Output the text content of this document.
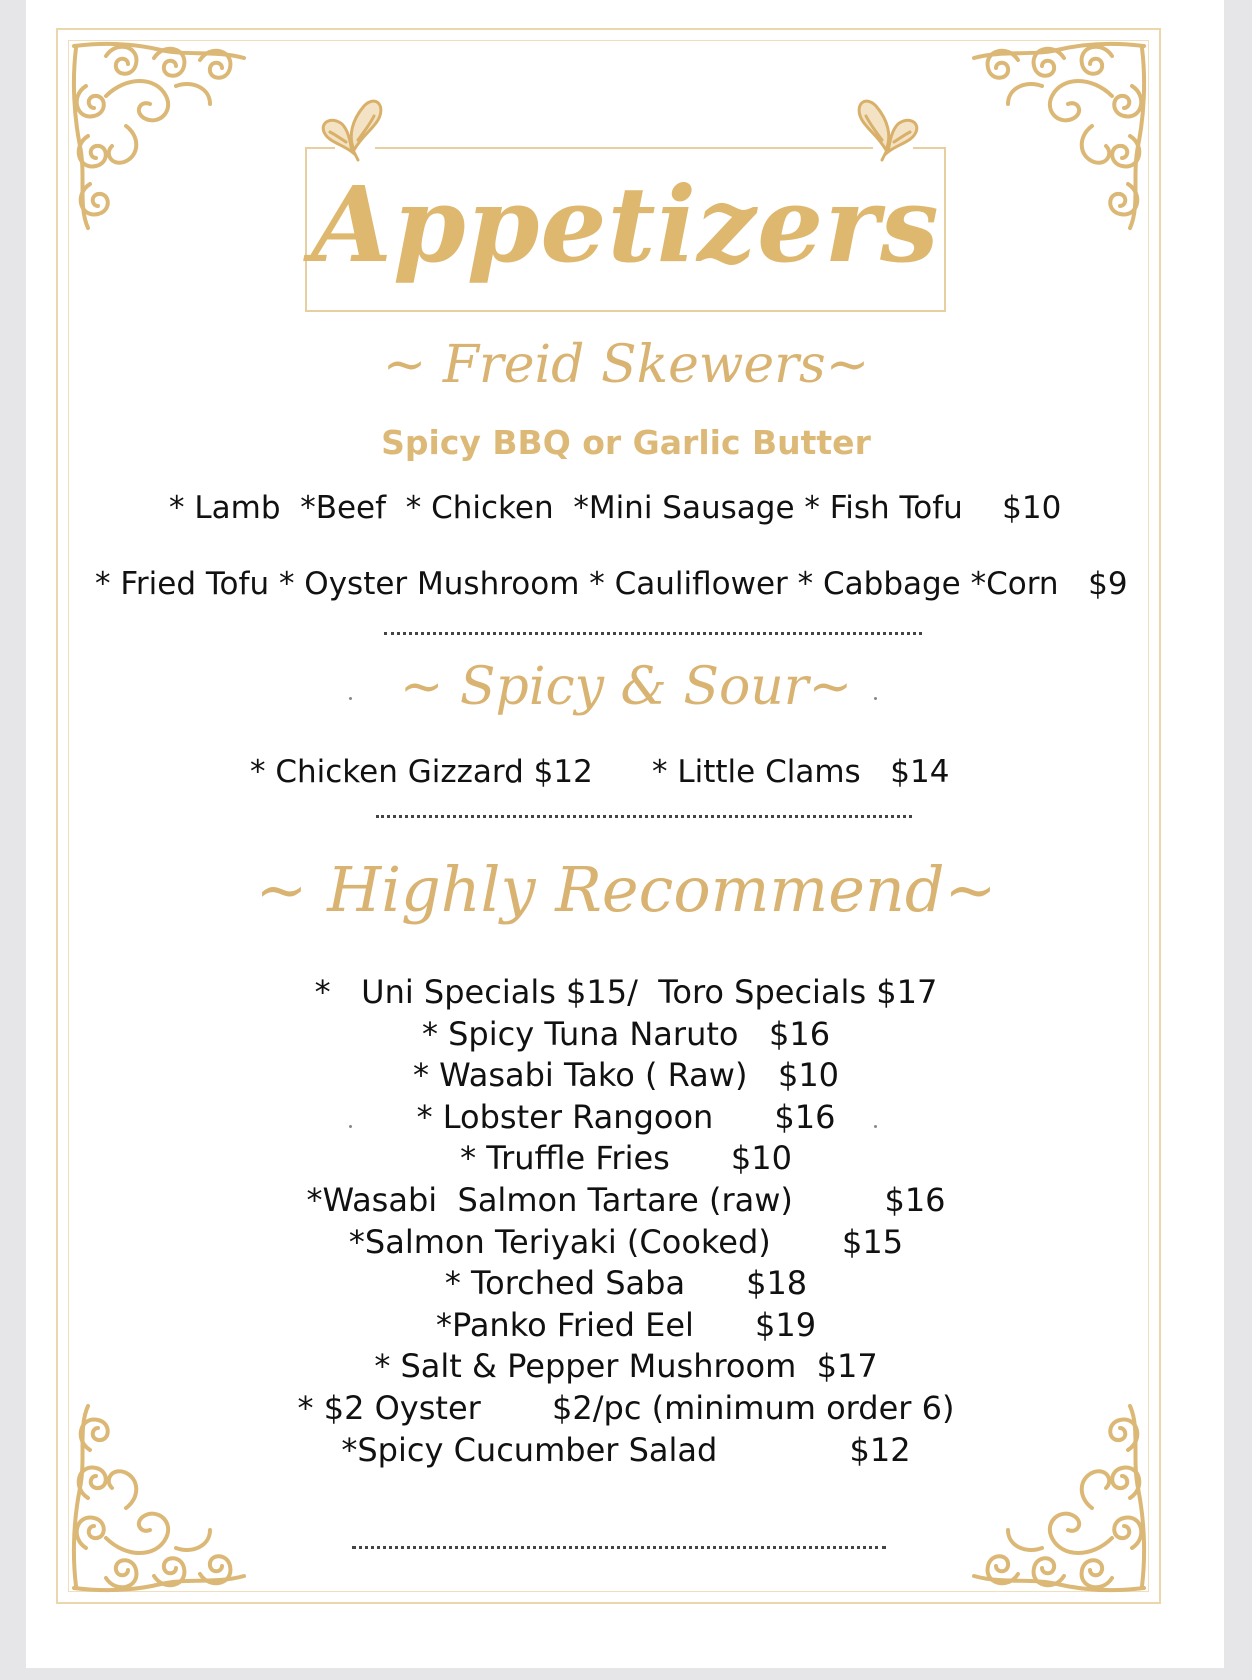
Appetizers
~ Freid Skewers~
Spicy BBQ or Garlic Butter
* Lamb  *Beef  * Chicken  *Mini Sausage * Fish Tofu    $10
* Fried Tofu * Oyster Mushroom * Cauliflower * Cabbage *Corn   $9
~ Spicy & Sour~
* Chicken Gizzard $12 * Little Clams   $14
~ Highly Recommend~
*   Uni Specials $15/  Toro Specials $17
* Spicy Tuna Naruto   $16
* Wasabi Tako ( Raw)   $10
* Lobster Rangoon      $16
* Truffle Fries      $10
*Wasabi  Salmon Tartare (raw)         $16
*Salmon Teriyaki (Cooked)       $15
* Torched Saba      $18
*Panko Fried Eel      $19
* Salt & Pepper Mushroom  $17
* $2 Oyster       $2/pc (minimum order 6)
*Spicy Cucumber Salad             $12
